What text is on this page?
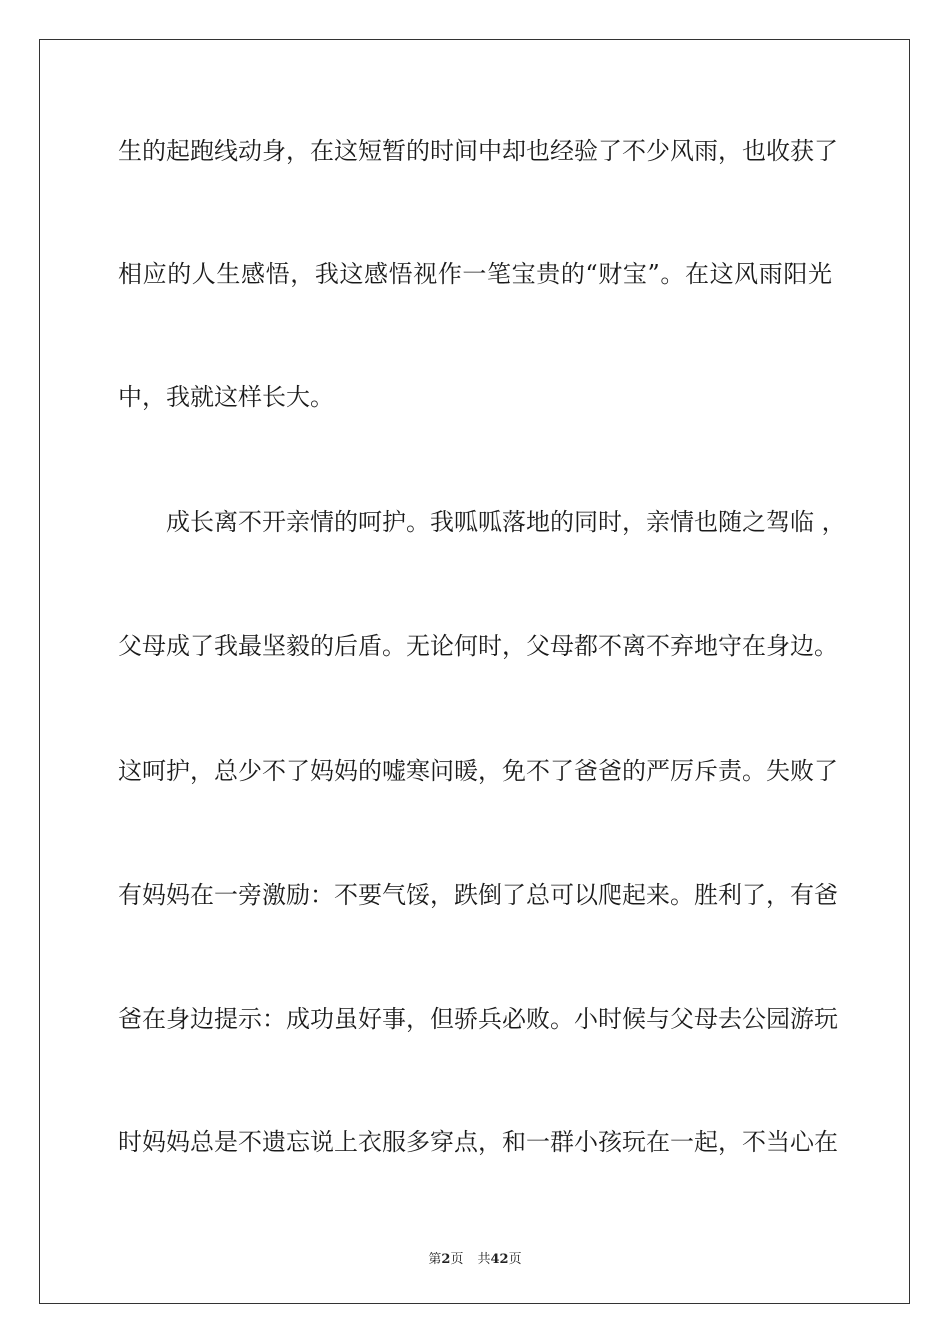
生的起跑线动身，在这短暂的时间中却也经验了不少风雨，也收获了
相应的人生感悟，我这感悟视作一笔宝贵的“财宝”。在这风雨阳光
中，我就这样长大。
成长离不开亲情的呵护。我呱呱落地的同时，亲情也随之驾临 ，
父母成了我最坚毅的后盾。无论何时，父母都不离不弃地守在身边。
这呵护，总少不了妈妈的嘘寒问暖，免不了爸爸的严厉斥责。失败了
有妈妈在一旁激励：不要气馁，跌倒了总可以爬起来。胜利了，有爸
爸在身边提示：成功虽好事，但骄兵必败。小时候与父母去公园游玩
时妈妈总是不遗忘说上衣服多穿点，和一群小孩玩在一起，不当心在
第2页 共42页
